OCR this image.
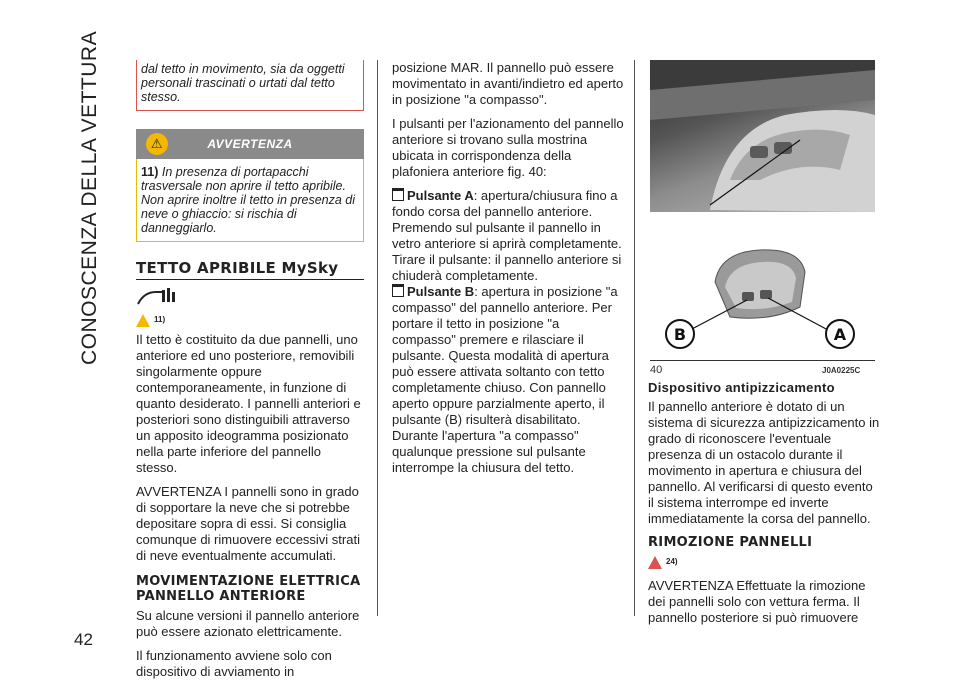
CONOSCENZA DELLA VETTURA
42
dal tetto in movimento, sia da oggetti personali trascinati o urtati dal tetto stesso.
⚠	AVVERTENZA
11) In presenza di portapacchi trasversale non aprire il tetto apribile. Non aprire inoltre il tetto in presenza di neve o ghiaccio: si rischia di danneggiarlo.
TETTO APRIBILE MySky
11)

Il tetto è costituito da due pannelli, uno anteriore ed uno posteriore, removibili singolarmente oppure contemporaneamente, in funzione di quanto desiderato. I pannelli anteriori e posteriori sono distinguibili attraverso un apposito ideogramma posizionato nella parte inferiore del pannello stesso.

AVVERTENZA I pannelli sono in grado di sopportare la neve che si potrebbe depositare sopra di essi. Si consiglia comunque di rimuovere eccessivi strati di neve eventualmente accumulati.

MOVIMENTAZIONE ELETTRICA PANNELLO ANTERIORE

Su alcune versioni il pannello anteriore può essere azionato elettricamente.

Il funzionamento avviene solo con dispositivo di avviamento in

posizione MAR. Il pannello può essere movimentato in avanti/indietro ed aperto in posizione "a compasso".

I pulsanti per l'azionamento del pannello anteriore si trovano sulla mostrina ubicata in corrispondenza della plafoniera anteriore fig. 40:

Pulsante A: apertura/chiusura fino a fondo corsa del pannello anteriore. Premendo sul pulsante il pannello in vetro anteriore si aprirà completamente. Tirare il pulsante: il pannello anteriore si chiuderà completamente.

Pulsante B: apertura in posizione "a compasso" del pannello anteriore. Per portare il tetto in posizione "a compasso" premere e rilasciare il pulsante. Questa modalità di apertura può essere attivata soltanto con tetto completamente chiuso. Con pannello aperto oppure parzialmente aperto, il pulsante (B) risulterà disabilitato. Durante l'apertura "a compasso" qualunque pressione sul pulsante interrompe la chiusura del tetto.

B	A
40	J0A0225C
Dispositivo antipizzicamento

Il pannello anteriore è dotato di un sistema di sicurezza antipizzicamento in grado di riconoscere l'eventuale presenza di un ostacolo durante il movimento in apertura e chiusura del pannello. Al verificarsi di questo evento il sistema interrompe ed inverte immediatamente la corsa del pannello.

RIMOZIONE PANNELLI
24)

AVVERTENZA Effettuate la rimozione dei pannelli solo con vettura ferma. Il pannello posteriore si può rimuovere
